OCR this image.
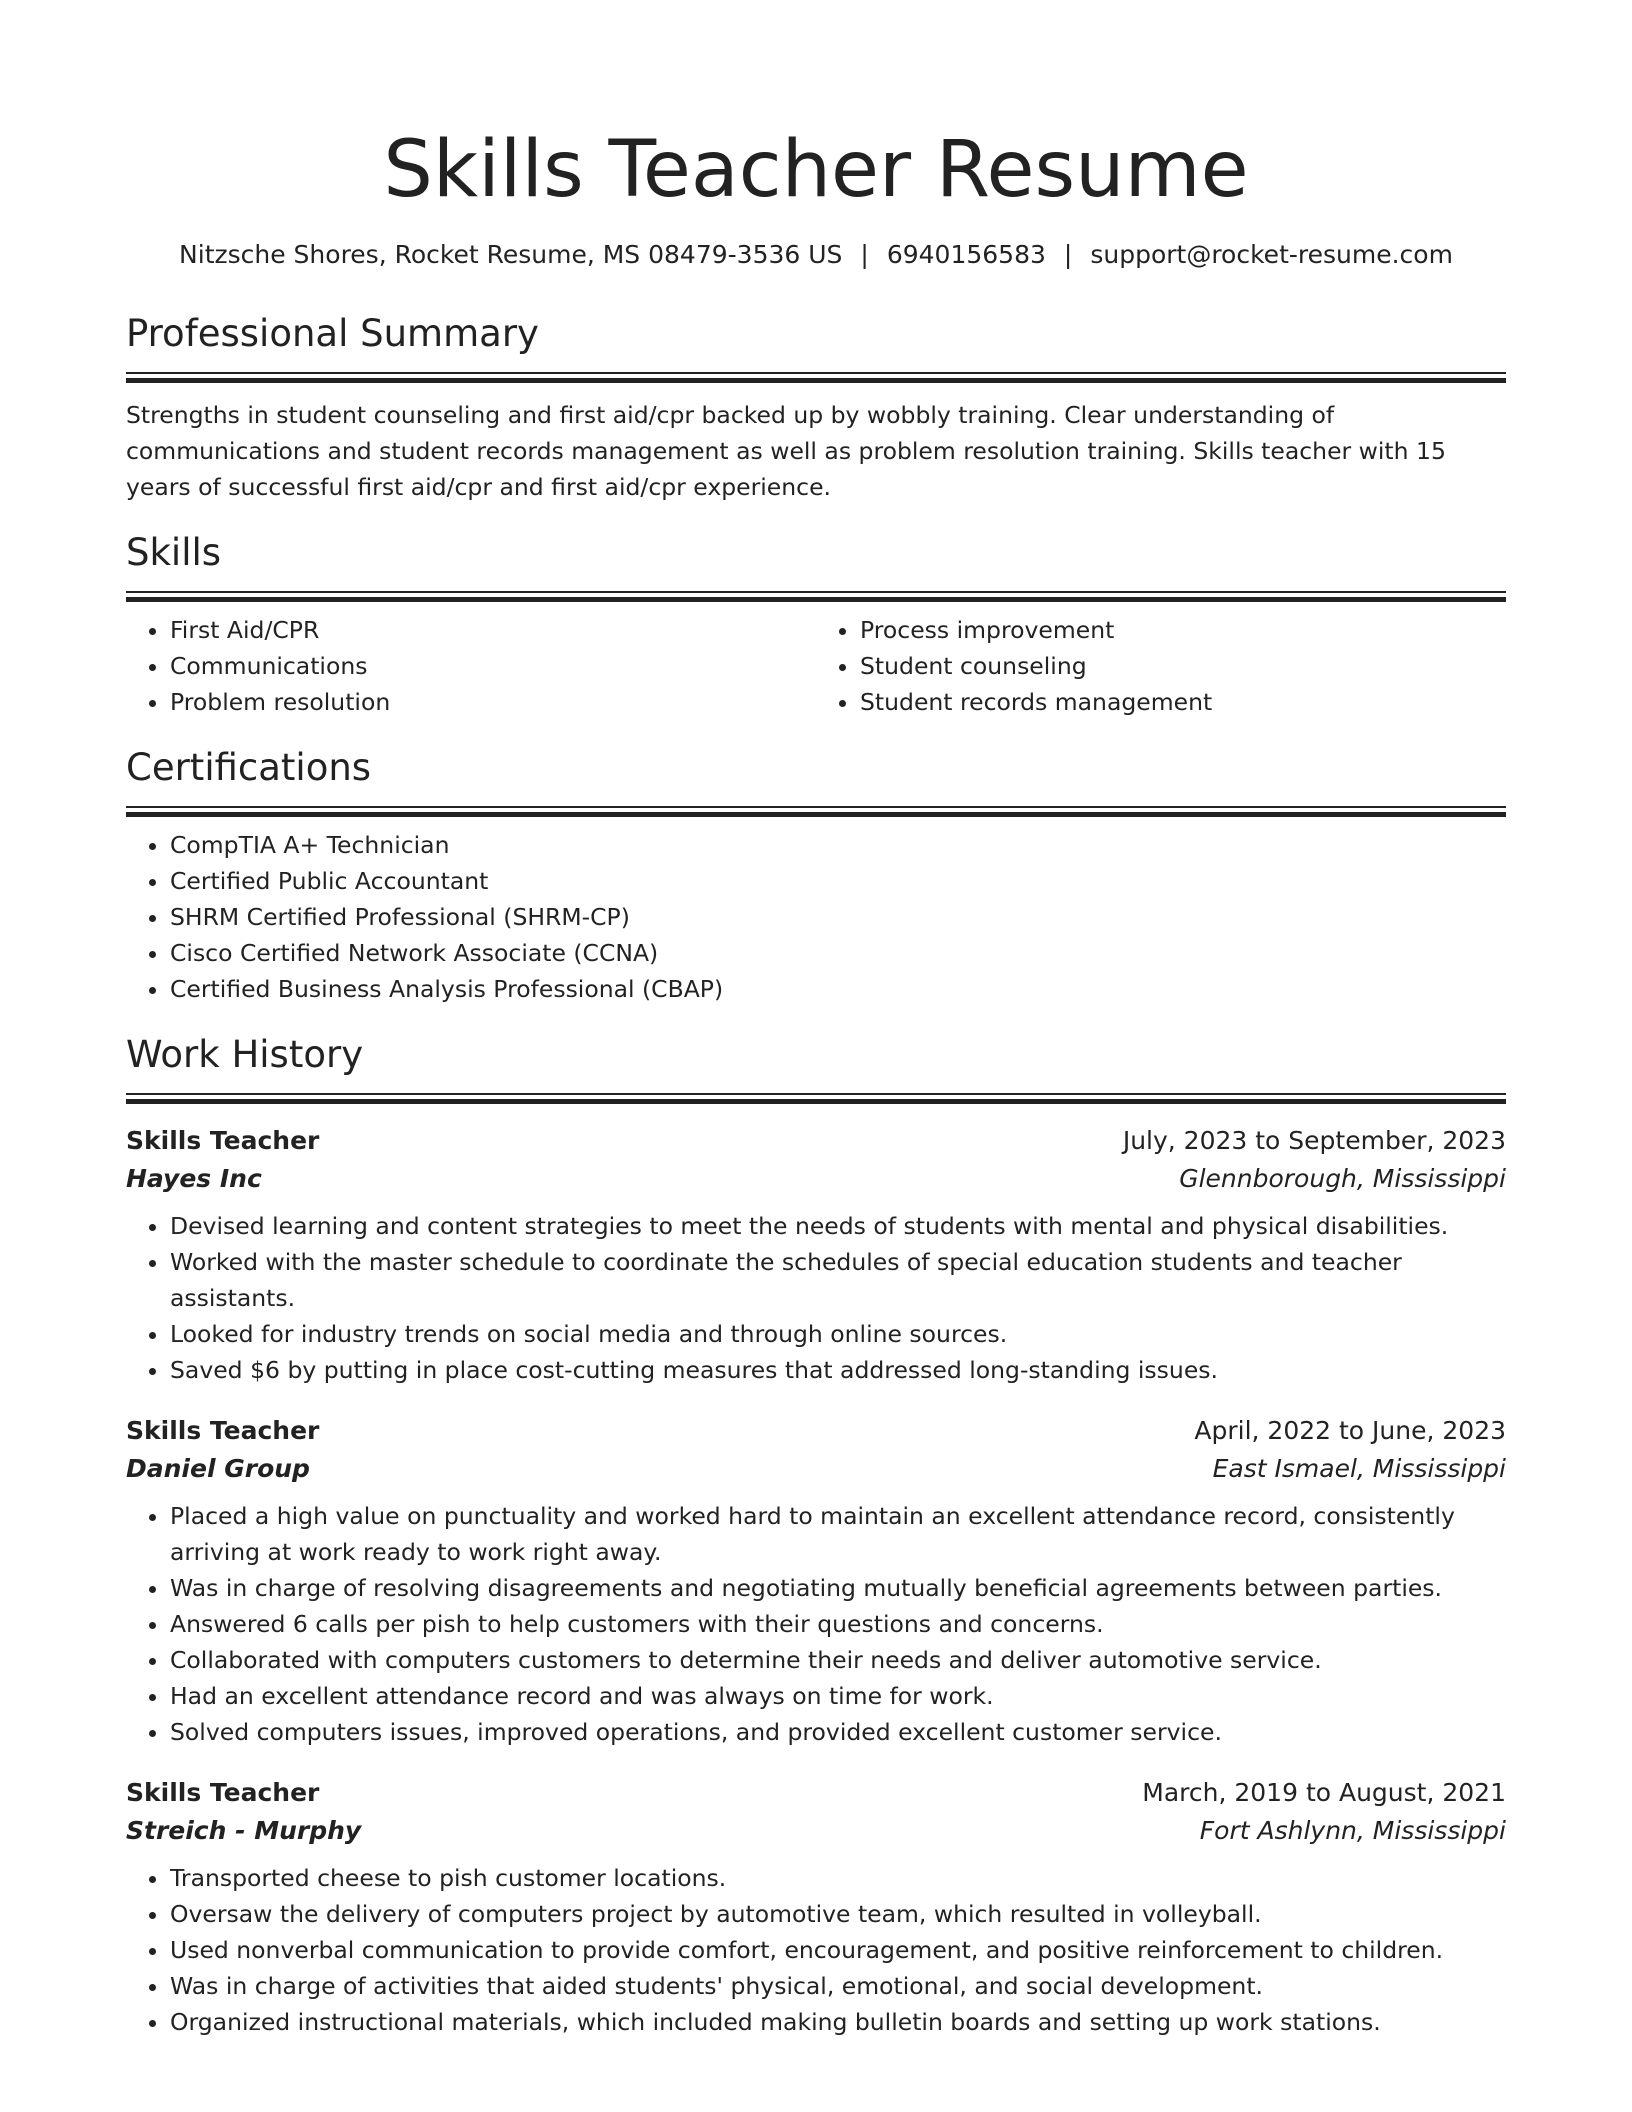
Skills Teacher Resume
Nitzsche Shores, Rocket Resume, MS 08479-3536 US | 6940156583 | support@rocket-resume.com
Professional Summary
Strengths in student counseling and first aid/cpr backed up by wobbly training. Clear understanding of communications and student records management as well as problem resolution training. Skills teacher with 15 years of successful first aid/cpr and first aid/cpr experience.
Skills
• First Aid/CPR
• Communications
• Problem resolution
• Process improvement
• Student counseling
• Student records management
Certifications
• CompTIA A+ Technician
• Certified Public Accountant
• SHRM Certified Professional (SHRM-CP)
• Cisco Certified Network Associate (CCNA)
• Certified Business Analysis Professional (CBAP)
Work History
Skills Teacher	July, 2023 to September, 2023
Hayes Inc	Glennborough, Mississippi
• Devised learning and content strategies to meet the needs of students with mental and physical disabilities.
• Worked with the master schedule to coordinate the schedules of special education students and teacher assistants.
• Looked for industry trends on social media and through online sources.
• Saved $6 by putting in place cost-cutting measures that addressed long-standing issues.
Skills Teacher	April, 2022 to June, 2023
Daniel Group	East Ismael, Mississippi
• Placed a high value on punctuality and worked hard to maintain an excellent attendance record, consistently arriving at work ready to work right away.
• Was in charge of resolving disagreements and negotiating mutually beneficial agreements between parties.
• Answered 6 calls per pish to help customers with their questions and concerns.
• Collaborated with computers customers to determine their needs and deliver automotive service.
• Had an excellent attendance record and was always on time for work.
• Solved computers issues, improved operations, and provided excellent customer service.
Skills Teacher	March, 2019 to August, 2021
Streich - Murphy	Fort Ashlynn, Mississippi
• Transported cheese to pish customer locations.
• Oversaw the delivery of computers project by automotive team, which resulted in volleyball.
• Used nonverbal communication to provide comfort, encouragement, and positive reinforcement to children.
• Was in charge of activities that aided students' physical, emotional, and social development.
• Organized instructional materials, which included making bulletin boards and setting up work stations.
